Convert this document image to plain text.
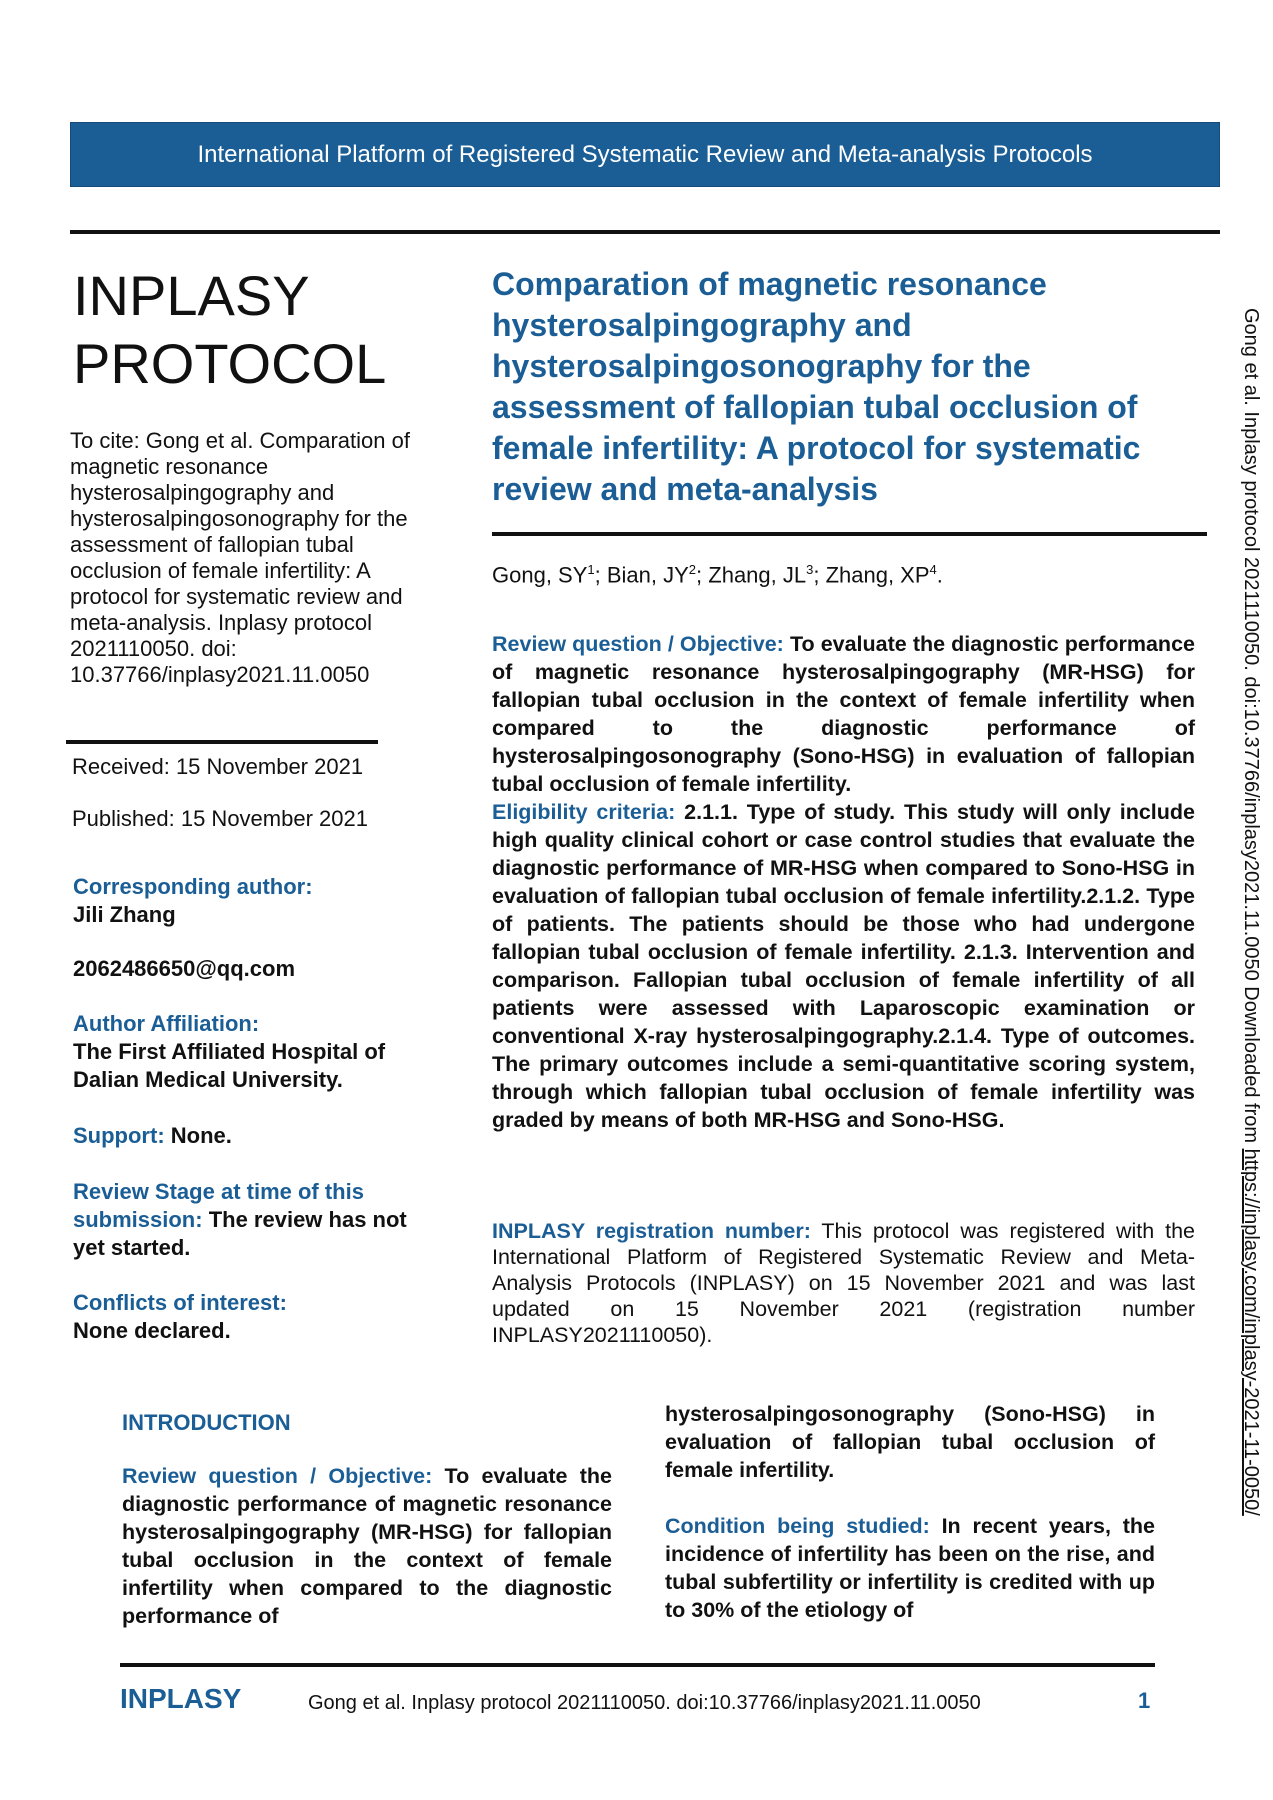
International Platform of Registered Systematic Review and Meta-analysis Protocols
INPLASY
PROTOCOL
To cite: Gong et al. Comparation of magnetic resonance hysterosalpingography and hysterosalpingosonography for the assessment of fallopian tubal occlusion of female infertility: A protocol for systematic review and meta-analysis. Inplasy protocol 2021110050. doi: 10.37766/inplasy2021.11.0050
Received: 15 November 2021
Published: 15 November 2021
Corresponding author:
Jili Zhang
2062486650@qq.com
Author Affiliation:
The First Affiliated Hospital of Dalian Medical University.
Support: None.
Review Stage at time of this submission: The review has not yet started.
Conflicts of interest:
None declared.
Comparation of magnetic resonance hysterosalpingography and hysterosalpingosonography for the assessment of fallopian tubal occlusion of female infertility: A protocol for systematic review and meta-analysis
Gong, $SY^1$; Bian, $JY^2$; Zhang, $JL^3$; Zhang, $XP^4$.
Review question / Objective: To evaluate the diagnostic performance of magnetic resonance hysterosalpingography (MR-HSG) for fallopian tubal occlusion in the context of female infertility when compared to the diagnostic performance of hysterosalpingosonography (Sono-HSG) in evaluation of fallopian tubal occlusion of female infertility.
Eligibility criteria: 2.1.1. Type of study. This study will only include high quality clinical cohort or case control studies that evaluate the diagnostic performance of MR-HSG when compared to Sono-HSG in evaluation of fallopian tubal occlusion of female infertility.2.1.2. Type of patients. The patients should be those who had undergone fallopian tubal occlusion of female infertility. 2.1.3. Intervention and comparison. Fallopian tubal occlusion of female infertility of all patients were assessed with Laparoscopic examination or conventional X-ray hysterosalpingography.2.1.4. Type of outcomes. The primary outcomes include a semi-quantitative scoring system, through which fallopian tubal occlusion of female infertility was graded by means of both MR-HSG and Sono-HSG.
INPLASY registration number: This protocol was registered with the International Platform of Registered Systematic Review and Meta-Analysis Protocols (INPLASY) on 15 November 2021 and was last updated on 15 November 2021 (registration number INPLASY2021110050).
INTRODUCTION
Review question / Objective: To evaluate the diagnostic performance of magnetic resonance hysterosalpingography (MR-HSG) for fallopian tubal occlusion in the context of female infertility when compared to the diagnostic performance of
hysterosalpingosonography (Sono-HSG) in evaluation of fallopian tubal occlusion of female infertility.
Condition being studied: In recent years, the incidence of infertility has been on the rise, and tubal subfertility or infertility is credited with up to 30% of the etiology of
INPLASY	Gong et al. Inplasy protocol 2021110050. doi:10.37766/inplasy2021.11.0050	1
Gong et al. Inplasy protocol 2021110050. doi:10.37766/inplasy2021.11.0050 Downloaded from https://inplasy.com/inplasy-2021-11-0050/
